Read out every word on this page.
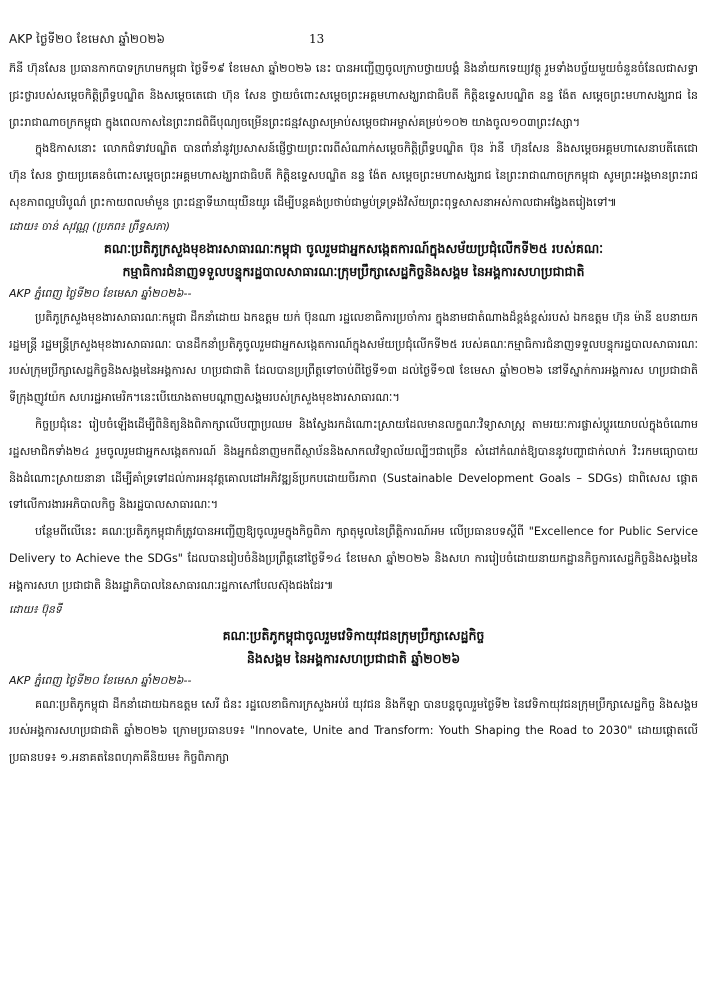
AKP ថ្ងៃទី២០ ខែមេសា ឆ្នាំ២០២៦	13

ភ៊នី ហ៊ុនសែន ប្រធានកាកបាទក្រហមកម្ពុជា ថ្ងៃទី១៩ ខែមេសា ឆ្នាំ២០២៦ នេះ បានអញ្ជើញចូលក្រាបថ្វាយបង្គំ និងនាំយកទេយ្យវត្ថុ រួមទាំងបច្ច័យមួយចំនួនចំនែលជាសទ្ធាជ្រះថ្លារបស់សម្ដេចកិត្តិព្រឹទ្ធបណ្ឌិត និងសម្ដេចតេជោ ហ៊ុន សែន ថ្វាយចំពោះសម្ដេចព្រះអគ្គមហាសង្ឃរាជាធិបតី កិត្តិឧទ្ទេសបណ្ឌិត នន្ទ ង៉ែត សម្ដេចព្រះមហាសង្ឃរាជ នៃព្រះរាជាណាចក្រកម្ពុជា ក្នុងពេលកាសនៃព្រះរាជពិធីបុណ្យចម្រើនព្រះជន្មវស្សាសម្រាប់សម្ដេចជាអម្ចាស់គម្រប់១០២ យាងចូល១០៣ព្រះវស្សា។

ក្នុងឱកាសនោះ លោកជំទាវបណ្ឌិត បានពាំនាំនូវប្រសាសន៍ផ្ញើថ្វាយព្រះពរពីសំណាក់សម្ដេចកិត្តិព្រឹទ្ធបណ្ឌិត ប៊ុន រ៉ានី ហ៊ុនសែន និងសម្ដេចអគ្គមហាសេនាបតីតេជោ ហ៊ុន សែន ថ្វាយប្រគេនចំពោះសម្ដេចព្រះអគ្គមហាសង្ឃរាជាធិបតី កិត្តិឧទ្ទេសបណ្ឌិត នន្ទ ង៉ែត សម្ដេចព្រះមហាសង្ឃរាជ នៃព្រះរាជាណាចក្រកម្ពុជា សូមព្រះអង្គមានព្រះរាជសុខភាពល្អបរិបូណ៌ ព្រះកាយពលមាំមួន ព្រះជន្មាទីឃាយុយឺនយូរ ដើម្បីបន្តគង់ប្រថាប់ជាម្លប់ទ្រទ្រង់វិស័យព្រះពុទ្ធសាសនាអស់កាលជាអង្វែងតរៀងទៅ៕

ដោយ៖ ចាន់ សុវណ្ណ (ប្រភព៖ ព្រឹទ្ធសភា)
គណៈប្រតិភូក្រសួងមុខងារសាធារណៈកម្ពុជា ចូលរួមជាអ្នកសង្កេតការណ៍ក្នុងសម័យប្រជុំលើកទី២៥ របស់គណៈ
កម្មាធិការជំនាញទទួលបន្ទុករដ្ឋបាលសាធារណៈក្រុមប្រឹក្សាសេដ្ឋកិច្ចនិងសង្គម នៃអង្គការសហប្រជាជាតិ
AKP ភ្នំពេញ ថ្ងៃទី២០ ខែមេសា ឆ្នាំ២០២៦--

ប្រតិភូក្រសួងមុខងារសាធារណៈកម្ពុជា ដឹកនាំដោយ ឯកឧត្តម យក់ ប៊ុនណា រដ្ឋលេខាធិការប្រចាំការ ក្នុងនាមជាតំណាងដ៏ខ្ពង់ខ្ពស់របស់ ឯកឧត្តម ហ៊ុន ម៉ានី ឧបនាយករដ្ឋមន្ត្រី រដ្ឋមន្ត្រីក្រសួងមុខងារសាធារណៈ បានដឹកនាំប្រតិភូចូលរួមជាអ្នកសង្កេតការណ៍ក្នុងសម័យប្រជុំលើកទី២៥ របស់គណៈកម្មាធិការជំនាញទទួលបន្ទុករដ្ឋបាលសាធារណៈ របស់ក្រុមប្រឹក្សាសេដ្ឋកិច្ចនិងសង្គមនៃអង្គការស ហប្រជាជាតិ ដែលបានប្រព្រឹត្តទៅចាប់ពីថ្ងៃទី១៣ ដល់ថ្ងៃទី១៧ ខែមេសា ឆ្នាំ២០២៦ នៅទីស្នាក់ការអង្គការស ហប្រជាជាតិ ទីក្រុងញូវយ៉ក សហរដ្ឋអាមេរិក។នេះបើយោងតាមបណ្ដាញសង្គមរបស់ក្រសួងមុខងារសាធារណៈ។

កិច្ចប្រជុំនេះ រៀបចំឡើងដើម្បីពិនិត្យនិងពិភាក្សាលើបញ្ហាប្រឈម និងស្វែងរកដំណោះស្រាយដែលមានលក្ខណៈវិទ្យាសាស្ត្រ តាមរយៈការផ្លាស់ប្ដូរយោបល់ក្នុងចំណោមរដ្ឋសមាជិកទាំង២៤ រួមចូលរួមជាអ្នកសង្កេតការណ៍ និងអ្នកជំនាញមកពីស្ថាប័ននិងសាកលវិទ្យាល័យល្បីៗជាច្រើន សំដៅកំណត់ឱ្យបាននូវបញ្ហាជាក់លាក់ វិះរកមធ្យោបាយ និងដំណោះស្រាយនានា ដើម្បីគាំទ្រទៅដល់ការអនុវត្តគោលដៅអភិវឌ្ឍន៍ប្រកបដោយចីរភាព (Sustainable Development Goals – SDGs) ជាពិសេស ផ្ដោតទៅលើការងារអភិបាលកិច្ច និងរដ្ឋបាលសាធារណៈ។

បន្ថែមពីលើនេះ គណៈប្រតិភូកម្ពុជាក៏ត្រូវបានអញ្ជើញឱ្យចូលរួមក្នុងកិច្ចពិភា ក្សាតុមូលនៃព្រឹត្តិការណ៍អម លើប្រធានបទស្ដីពី "Excellence for Public Service Delivery to Achieve the SDGs" ដែលបានរៀបចំនិងប្រព្រឹត្តនៅថ្ងៃទី១៤ ខែមេសា ឆ្នាំ២០២៦ និងសហ ការរៀបចំដោយនាយកដ្ឋានកិច្ចការសេដ្ឋកិច្ចនិងសង្គមនៃអង្គការសហ ប្រជាជាតិ និងរដ្ឋាភិបាលនៃសាធារណៈរដ្ឋកាសៅបែលស៊ុងជងដែរ៕

ដោយ៖ ប៊ុនទី
គណៈប្រតិភូកម្ពុជាចូលរួមវេទិកាយុវជនក្រុមប្រឹក្សាសេដ្ឋកិច្ច
និងសង្គម នៃអង្គការសហប្រជាជាតិ ឆ្នាំ២០២៦
AKP ភ្នំពេញ ថ្ងៃទី២០ ខែមេសា ឆ្នាំ២០២៦--

គណៈប្រតិភូកម្ពុជា ដឹកនាំដោយឯកឧត្តម សេរី ជំនះ រដ្ឋលេខាធិការក្រសួងអប់រំ យុវជន និងកីឡា បានបន្តចូលរួមថ្ងៃទី២ នៃវេទិកាយុវជនក្រុមប្រឹក្សាសេដ្ឋកិច្ច និងសង្គមរបស់អង្គការសហប្រជាជាតិ ឆ្នាំ២០២៦ ក្រោមប្រធានបទ៖ "Innovate, Unite and Transform: Youth Shaping the Road to 2030" ដោយផ្ដោតលើប្រធានបទ៖ ១.អនាគតនៃពហុភាគីនិយម៖ កិច្ចពិភាក្សា
